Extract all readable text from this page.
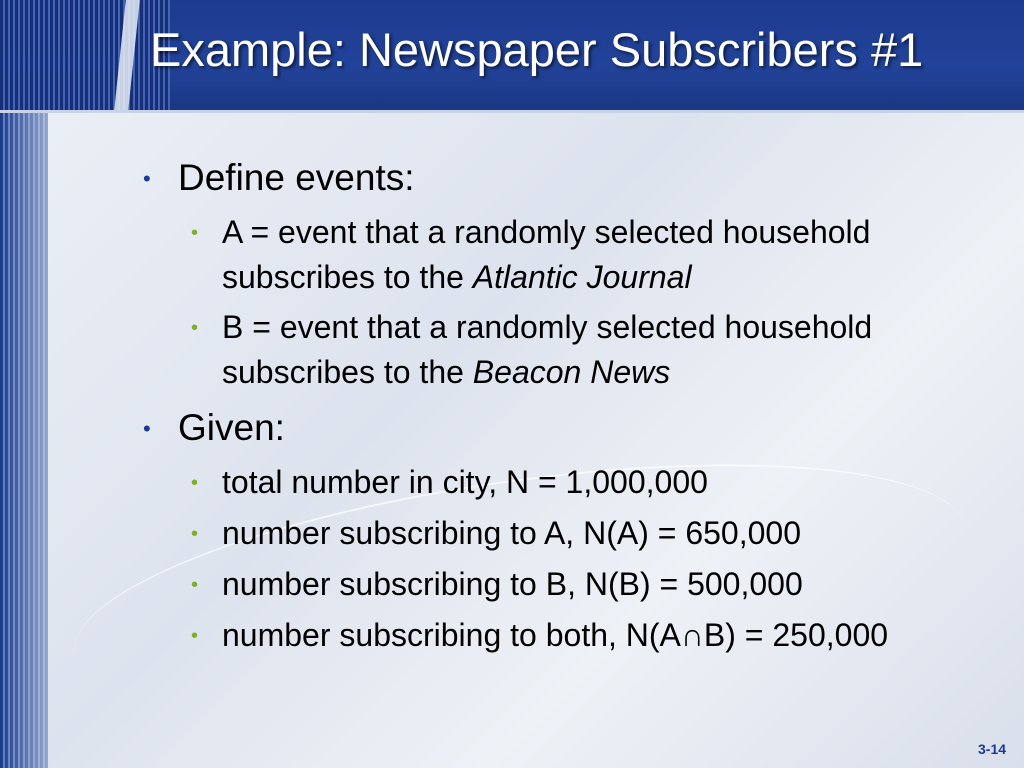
Example: Newspaper Subscribers #1
• Define events:
• A = event that a randomly selected household
subscribes to the Atlantic Journal
• B = event that a randomly selected household
subscribes to the Beacon News
• Given:
• total number in city, N = 1,000,000
• number subscribing to A, N(A) = 650,000
• number subscribing to B, N(B) = 500,000
• number subscribing to both, N(A∩B) = 250,000
3-14
